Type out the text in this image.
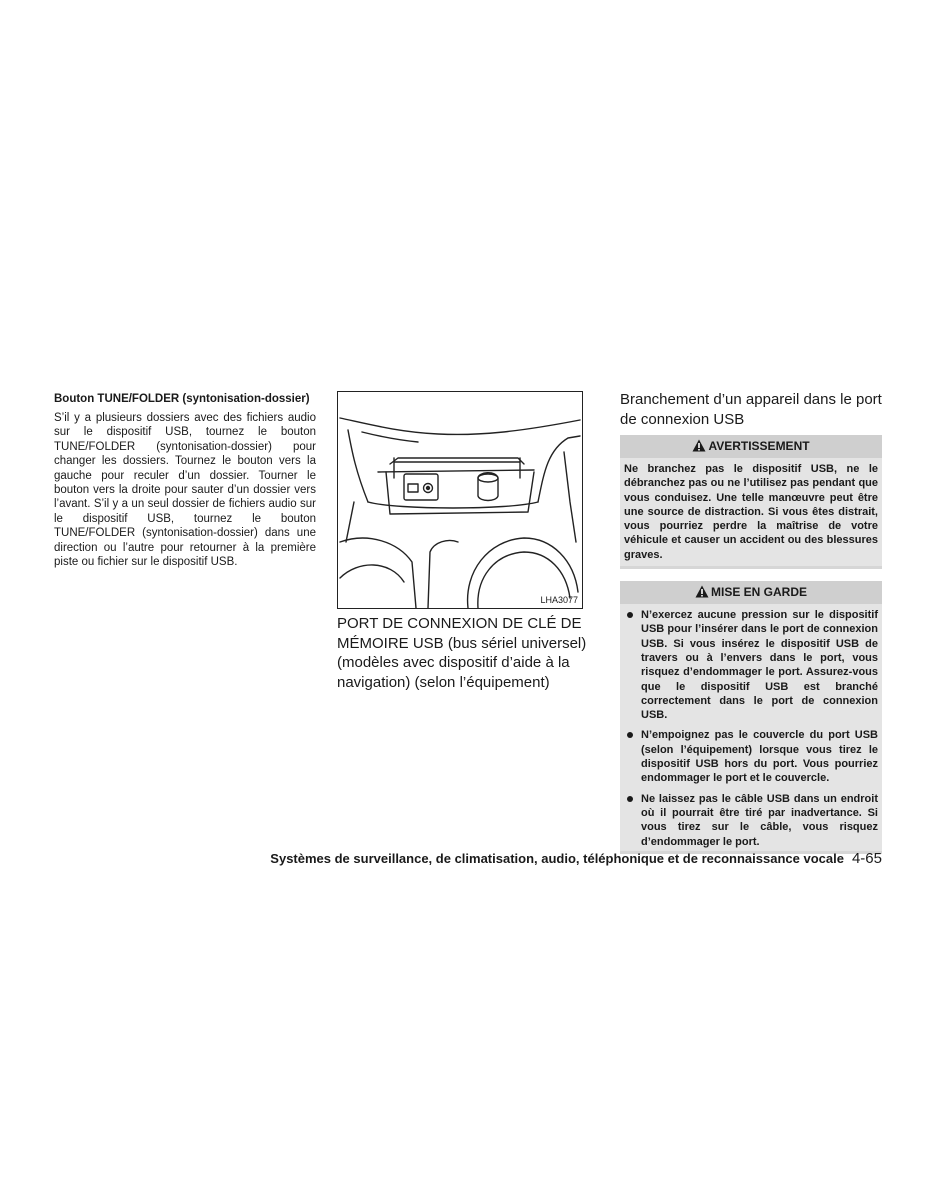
Bouton TUNE/FOLDER (syntonisation-dossier)

S’il y a plusieurs dossiers avec des fichiers audio sur le dispositif USB, tournez le bouton TUNE/FOLDER (syntonisation-dossier) pour changer les dossiers. Tournez le bouton vers la gauche pour reculer d’un dossier. Tourner le bouton vers la droite pour sauter d’un dossier vers l’avant. S’il y a un seul dossier de fichiers audio sur le dispositif USB, tournez le bouton TUNE/FOLDER (syntonisation-dossier) dans une direction ou l’autre pour retourner à la première piste ou fichier sur le dispositif USB.

LHA3077

PORT DE CONNEXION DE CLÉ DE MÉMOIRE USB (bus sériel universel) (modèles avec dispositif d’aide à la navigation) (selon l’équipement)

Branchement d’un appareil dans le port de connexion USB

AVERTISSEMENT

Ne branchez pas le dispositif USB, ne le débranchez pas ou ne l’utilisez pas pendant que vous conduisez. Une telle manœuvre peut être une source de distraction. Si vous êtes distrait, vous pourriez perdre la maîtrise de votre véhicule et causer un accident ou des blessures graves.

MISE EN GARDE
N’exercez aucune pression sur le dispositif USB pour l’insérer dans le port de connexion USB. Si vous insérez le dispositif USB de travers ou à l’envers dans le port, vous risquez d’endommager le port. Assurez-vous que le dispositif USB est branché correctement dans le port de connexion USB.
N’empoignez pas le couvercle du port USB (selon l’équipement) lorsque vous tirez le dispositif USB hors du port. Vous pourriez endommager le port et le couvercle.
Ne laissez pas le câble USB dans un endroit où il pourrait être tiré par inadvertance. Si vous tirez sur le câble, vous risquez d’endommager le port.
Systèmes de surveillance, de climatisation, audio, téléphonique et de reconnaissance vocale 4-65
